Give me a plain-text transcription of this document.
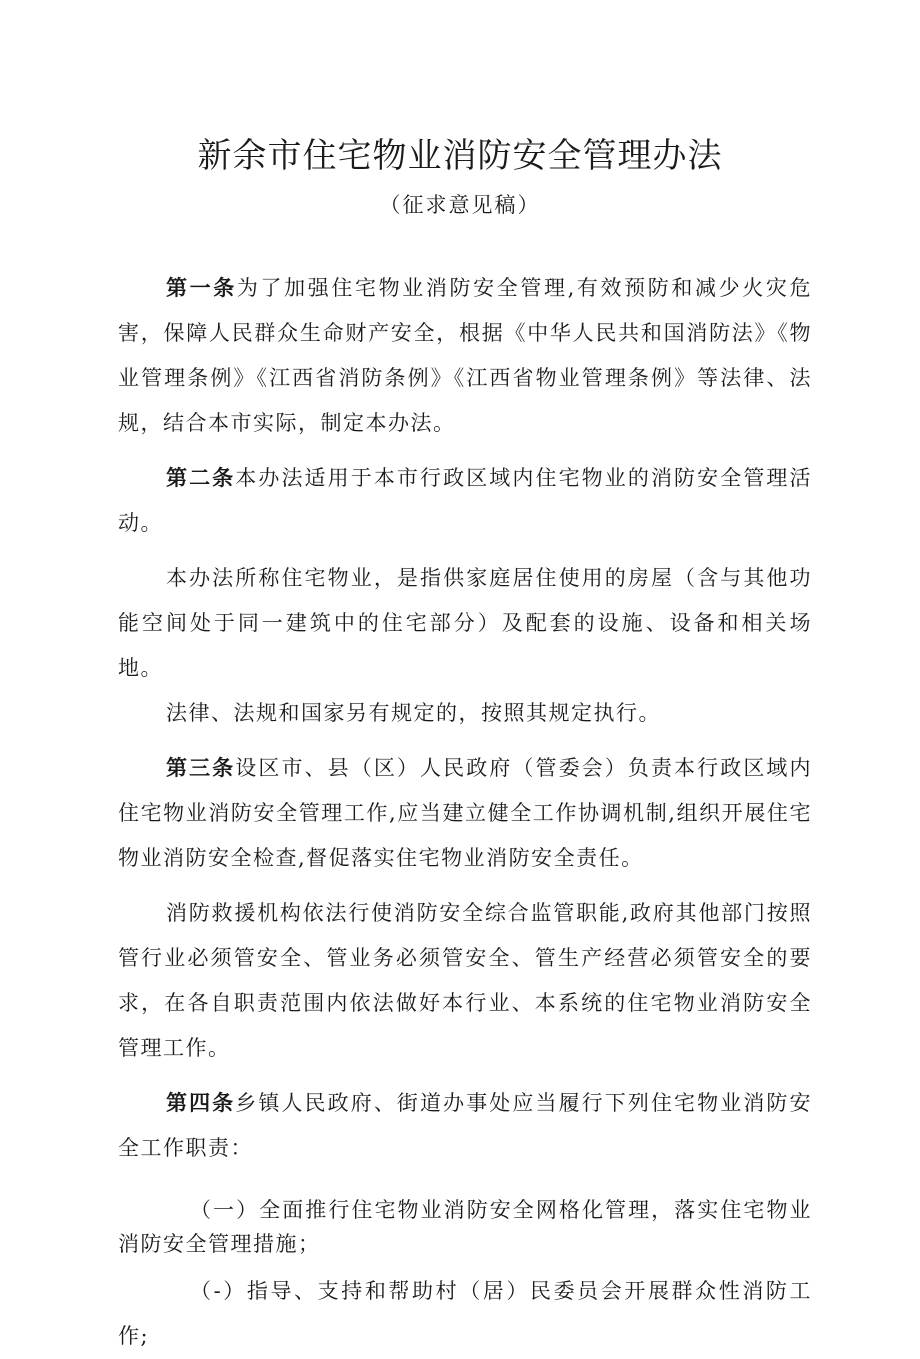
新余市住宅物业消防安全管理办法
（征求意见稿）

第一条为了加强住宅物业消防安全管理,有效预防和减少火灾危害，保障人民群众生命财产安全，根据《中华人民共和国消防法》《物业管理条例》《江西省消防条例》《江西省物业管理条例》等法律、法规，结合本市实际，制定本办法。

第二条本办法适用于本市行政区域内住宅物业的消防安全管理活动。

本办法所称住宅物业，是指供家庭居住使用的房屋（含与其他功能空间处于同一建筑中的住宅部分）及配套的设施、设备和相关场地。

法律、法规和国家另有规定的，按照其规定执行。

第三条设区市、县（区）人民政府（管委会）负责本行政区域内住宅物业消防安全管理工作,应当建立健全工作协调机制,组织开展住宅物业消防安全检查,督促落实住宅物业消防安全责任。

消防救援机构依法行使消防安全综合监管职能,政府其他部门按照管行业必须管安全、管业务必须管安全、管生产经营必须管安全的要求，在各自职责范围内依法做好本行业、本系统的住宅物业消防安全管理工作。

第四条乡镇人民政府、街道办事处应当履行下列住宅物业消防安全工作职责：

（一）全面推行住宅物业消防安全网格化管理，落实住宅物业消防安全管理措施；

（-）指导、支持和帮助村（居）民委员会开展群众性消防工作;
